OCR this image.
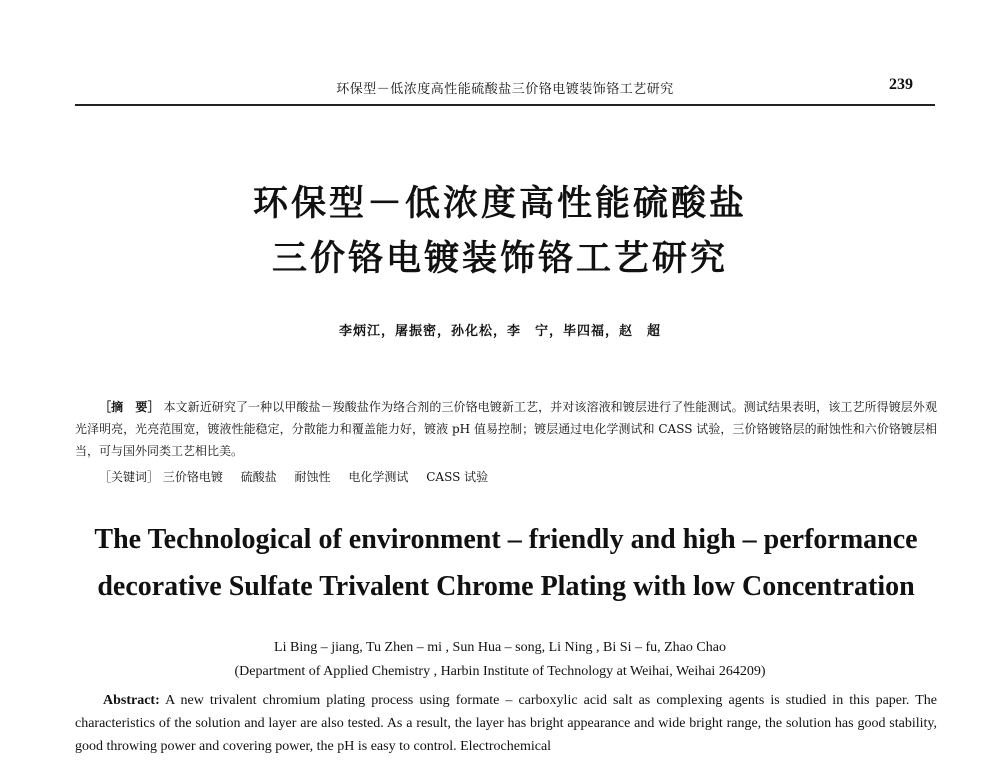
环保型－低浓度高性能硫酸盐三价铬电镀装饰铬工艺研究	239
环保型－低浓度高性能硫酸盐
三价铬电镀装饰铬工艺研究
李炳江，屠振密，孙化松，李　宁，毕四福，赵　超
［摘　要］ 本文新近研究了一种以甲酸盐－羧酸盐作为络合剂的三价铬电镀新工艺，并对该溶液和镀层进行了性能测试。测试结果表明，该工艺所得镀层外观光泽明亮，光亮范围宽，镀液性能稳定，分散能力和覆盖能力好，镀液 pH 值易控制；镀层通过电化学测试和 CASS 试验，三价铬镀铬层的耐蚀性和六价铬镀层相当，可与国外同类工艺相比美。
［关键词］ 三价铬电镀 硫酸盐 耐蚀性 电化学测试 CASS 试验
The Technological of environment – friendly and high – performance
decorative Sulfate Trivalent Chrome Plating with low Concentration
Li Bing – jiang, Tu Zhen – mi , Sun Hua – song, Li Ning , Bi Si – fu, Zhao Chao
(Department of Applied Chemistry , Harbin Institute of Technology at Weihai, Weihai 264209)
Abstract: A new trivalent chromium plating process using formate – carboxylic acid salt as complexing agents is studied in this paper. The characteristics of the solution and layer are also tested. As a result, the layer has bright appearance and wide bright range, the solution has good stability, good throwing power and covering power, the pH is easy to control. Electrochemical
